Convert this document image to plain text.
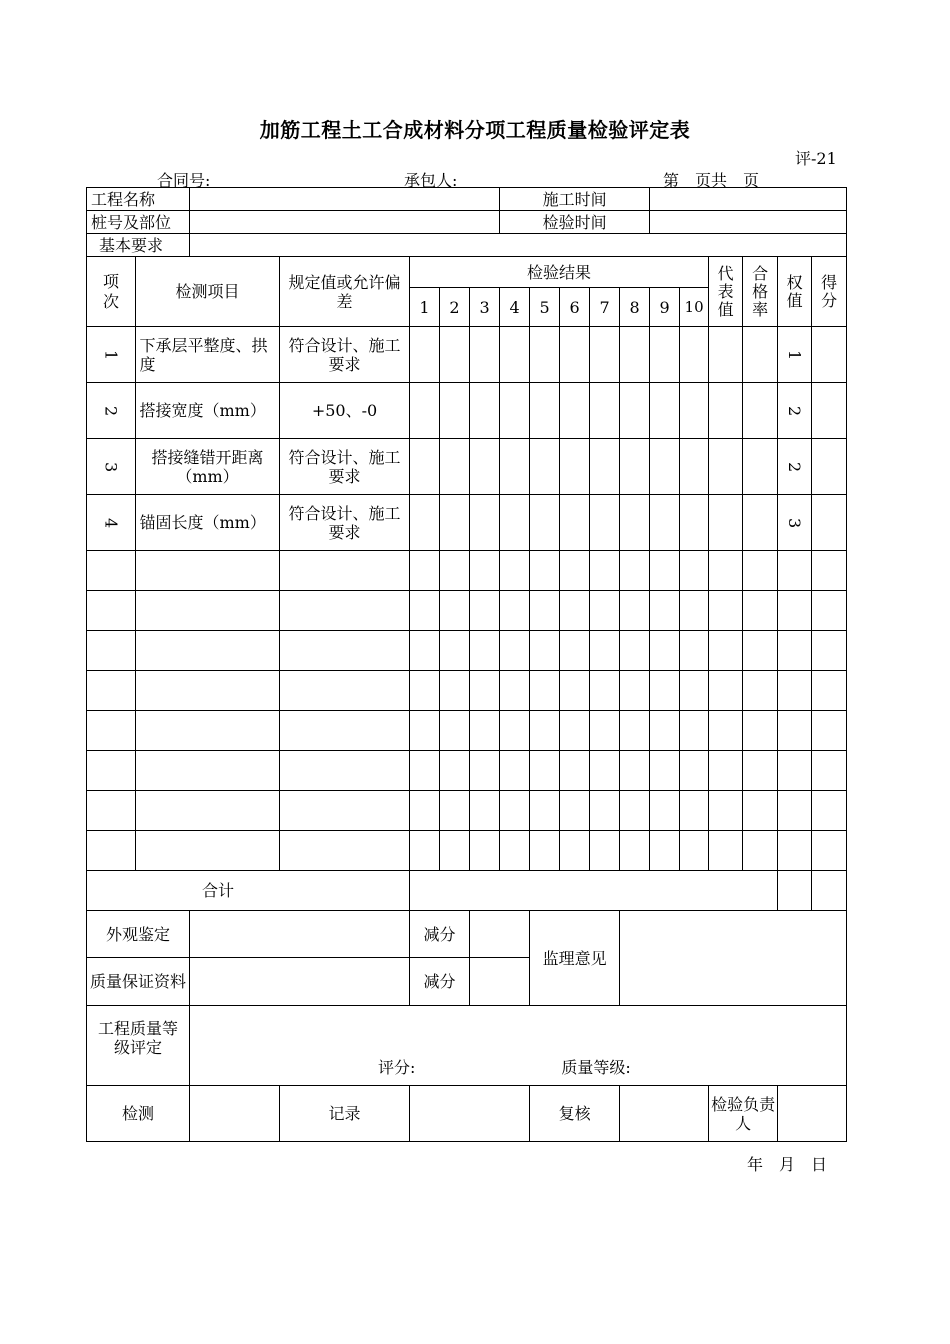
加筋工程土工合成材料分项工程质量检验评定表
评-21
合同号:	承包人:	第　页共　页
工程名称							施工时间										
桩号及部位							检验时间										
基本要求																	

项次	检测项目		规定值或允许偏差	检验结果										代表值	合格率	权值	得分

				1	2	3	4	5	6	7	8	9	10				
1	下承层平整度、拱度		符合设计、施工要求													1	
2	搭接宽度（mm）		+50、-0													2	
3	搭接缝错开距离（mm）		符合设计、施工要求													2	
4	锚固长度（mm）		符合设计、施工要求													3	

合计																	
外观鉴定				减分				监理意见									

质量保证资料				减分													

工程质量等级评定		评分: 质量等级:															
检测			记录					复核						检验负责人			

年　月　日
